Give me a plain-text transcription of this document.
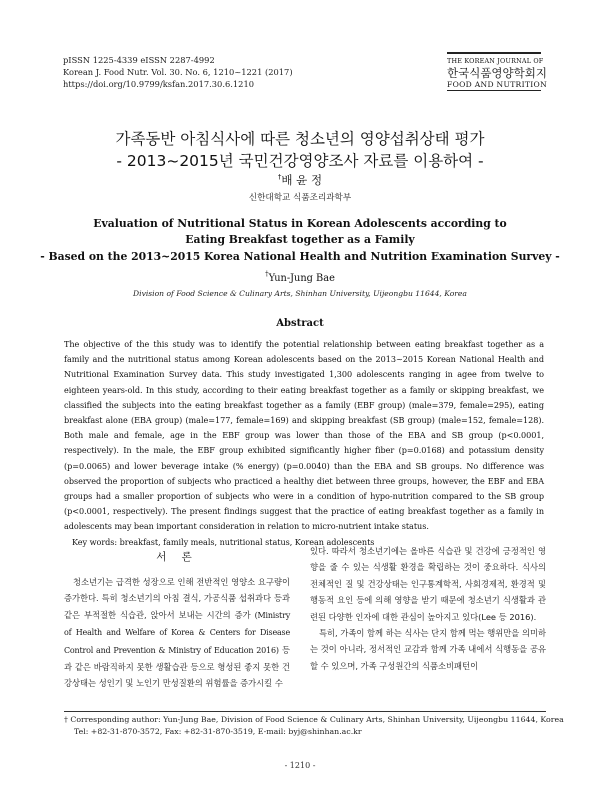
pISSN 1225-4339 eISSN 2287-4992
Korean J. Food Nutr. Vol. 30. No. 6, 1210~1221 (2017)
https://doi.org/10.9799/ksfan.2017.30.6.1210
THE KOREAN JOURNAL OF
한국식품영양학회지
FOOD AND NUTRITION
가족동반 아침식사에 따른 청소년의 영양섭취상태 평가
- 2013~2015년 국민건강영양조사 자료를 이용하여 -
†배 윤 정
신한대학교 식품조리과학부
Evaluation of Nutritional Status in Korean Adolescents according to
Eating Breakfast together as a Family
- Based on the 2013~2015 Korea National Health and Nutrition Examination Survey -
†Yun-Jung Bae
Division of Food Science & Culinary Arts, Shinhan University, Uijeongbu 11644, Korea
Abstract
The objective of the this study was to identify the potential relationship between eating breakfast together as a family and the nutritional status among Korean adolescents based on the 2013~2015 Korean National Health and Nutritional Examination Survey data. This study investigated 1,300 adolescents ranging in agee from twelve to eighteen years-old. In this study, according to their eating breakfast together as a family or skipping breakfast, we classified the subjects into the eating breakfast together as a family (EBF group) (male=379, female=295), eating breakfast alone (EBA group) (male=177, female=169) and skipping breakfast (SB group) (male=152, female=128). Both male and female, age in the EBF group was lower than those of the EBA and SB group (p<0.0001, respectively). In the male, the EBF group exhibited significantly higher fiber (p=0.0168) and potassium density (p=0.0065) and lower beverage intake (% energy) (p=0.0040) than the EBA and SB groups. No difference was observed the proportion of subjects who practiced a healthy diet between three groups, however, the EBF and EBA groups had a smaller proportion of subjects who were in a condition of hypo-nutrition compared to the SB group (p<0.0001, respectively). The present findings suggest that the practice of eating breakfast together as a family in adolescents may bean important consideration in relation to micro-nutrient intake status.
Key words: breakfast, family meals, nutritional status, Korean adolescents
서 론

청소년기는 급격한 성장으로 인해 전반적인 영양소 요구량이 증가한다. 특히 청소년기의 아침 결식, 가공식품 섭취과다 등과 같은 부적절한 식습관, 앉아서 보내는 시간의 증가 (Ministry of Health and Welfare of Korea & Centers for Disease Control and Prevention & Ministry of Education 2016) 등과 같은 바람직하지 못한 생활습관 등으로 형성된 좋지 못한 건강상태는 성인기 및 노인기 만성질환의 위험률을 증가시킬 수

있다. 따라서 청소년기에는 올바른 식습관 및 건강에 긍정적인 영향을 줄 수 있는 식생활 환경을 확립하는 것이 중요하다. 식사의 전체적인 질 및 건강상태는 인구통계학적, 사회경제적, 환경적 및 행동적 요인 등에 의해 영향을 받기 때문에 청소년기 식생활과 관련된 다양한 인자에 대한 관심이 높아지고 있다(Lee 등 2016).

특히, 가족이 함께 하는 식사는 단지 함께 먹는 행위만을 의미하는 것이 아니라, 정서적인 교감과 함께 가족 내에서 식행동을 공유할 수 있으며, 가족 구성원간의 식품소비패턴이

† Corresponding author: Yun-Jung Bae, Division of Food Science & Culinary Arts, Shinhan University, Uijeongbu 11644, Korea
Tel: +82-31-870-3572, Fax: +82-31-870-3519, E-mail: byj@shinhan.ac.kr
- 1210 -
